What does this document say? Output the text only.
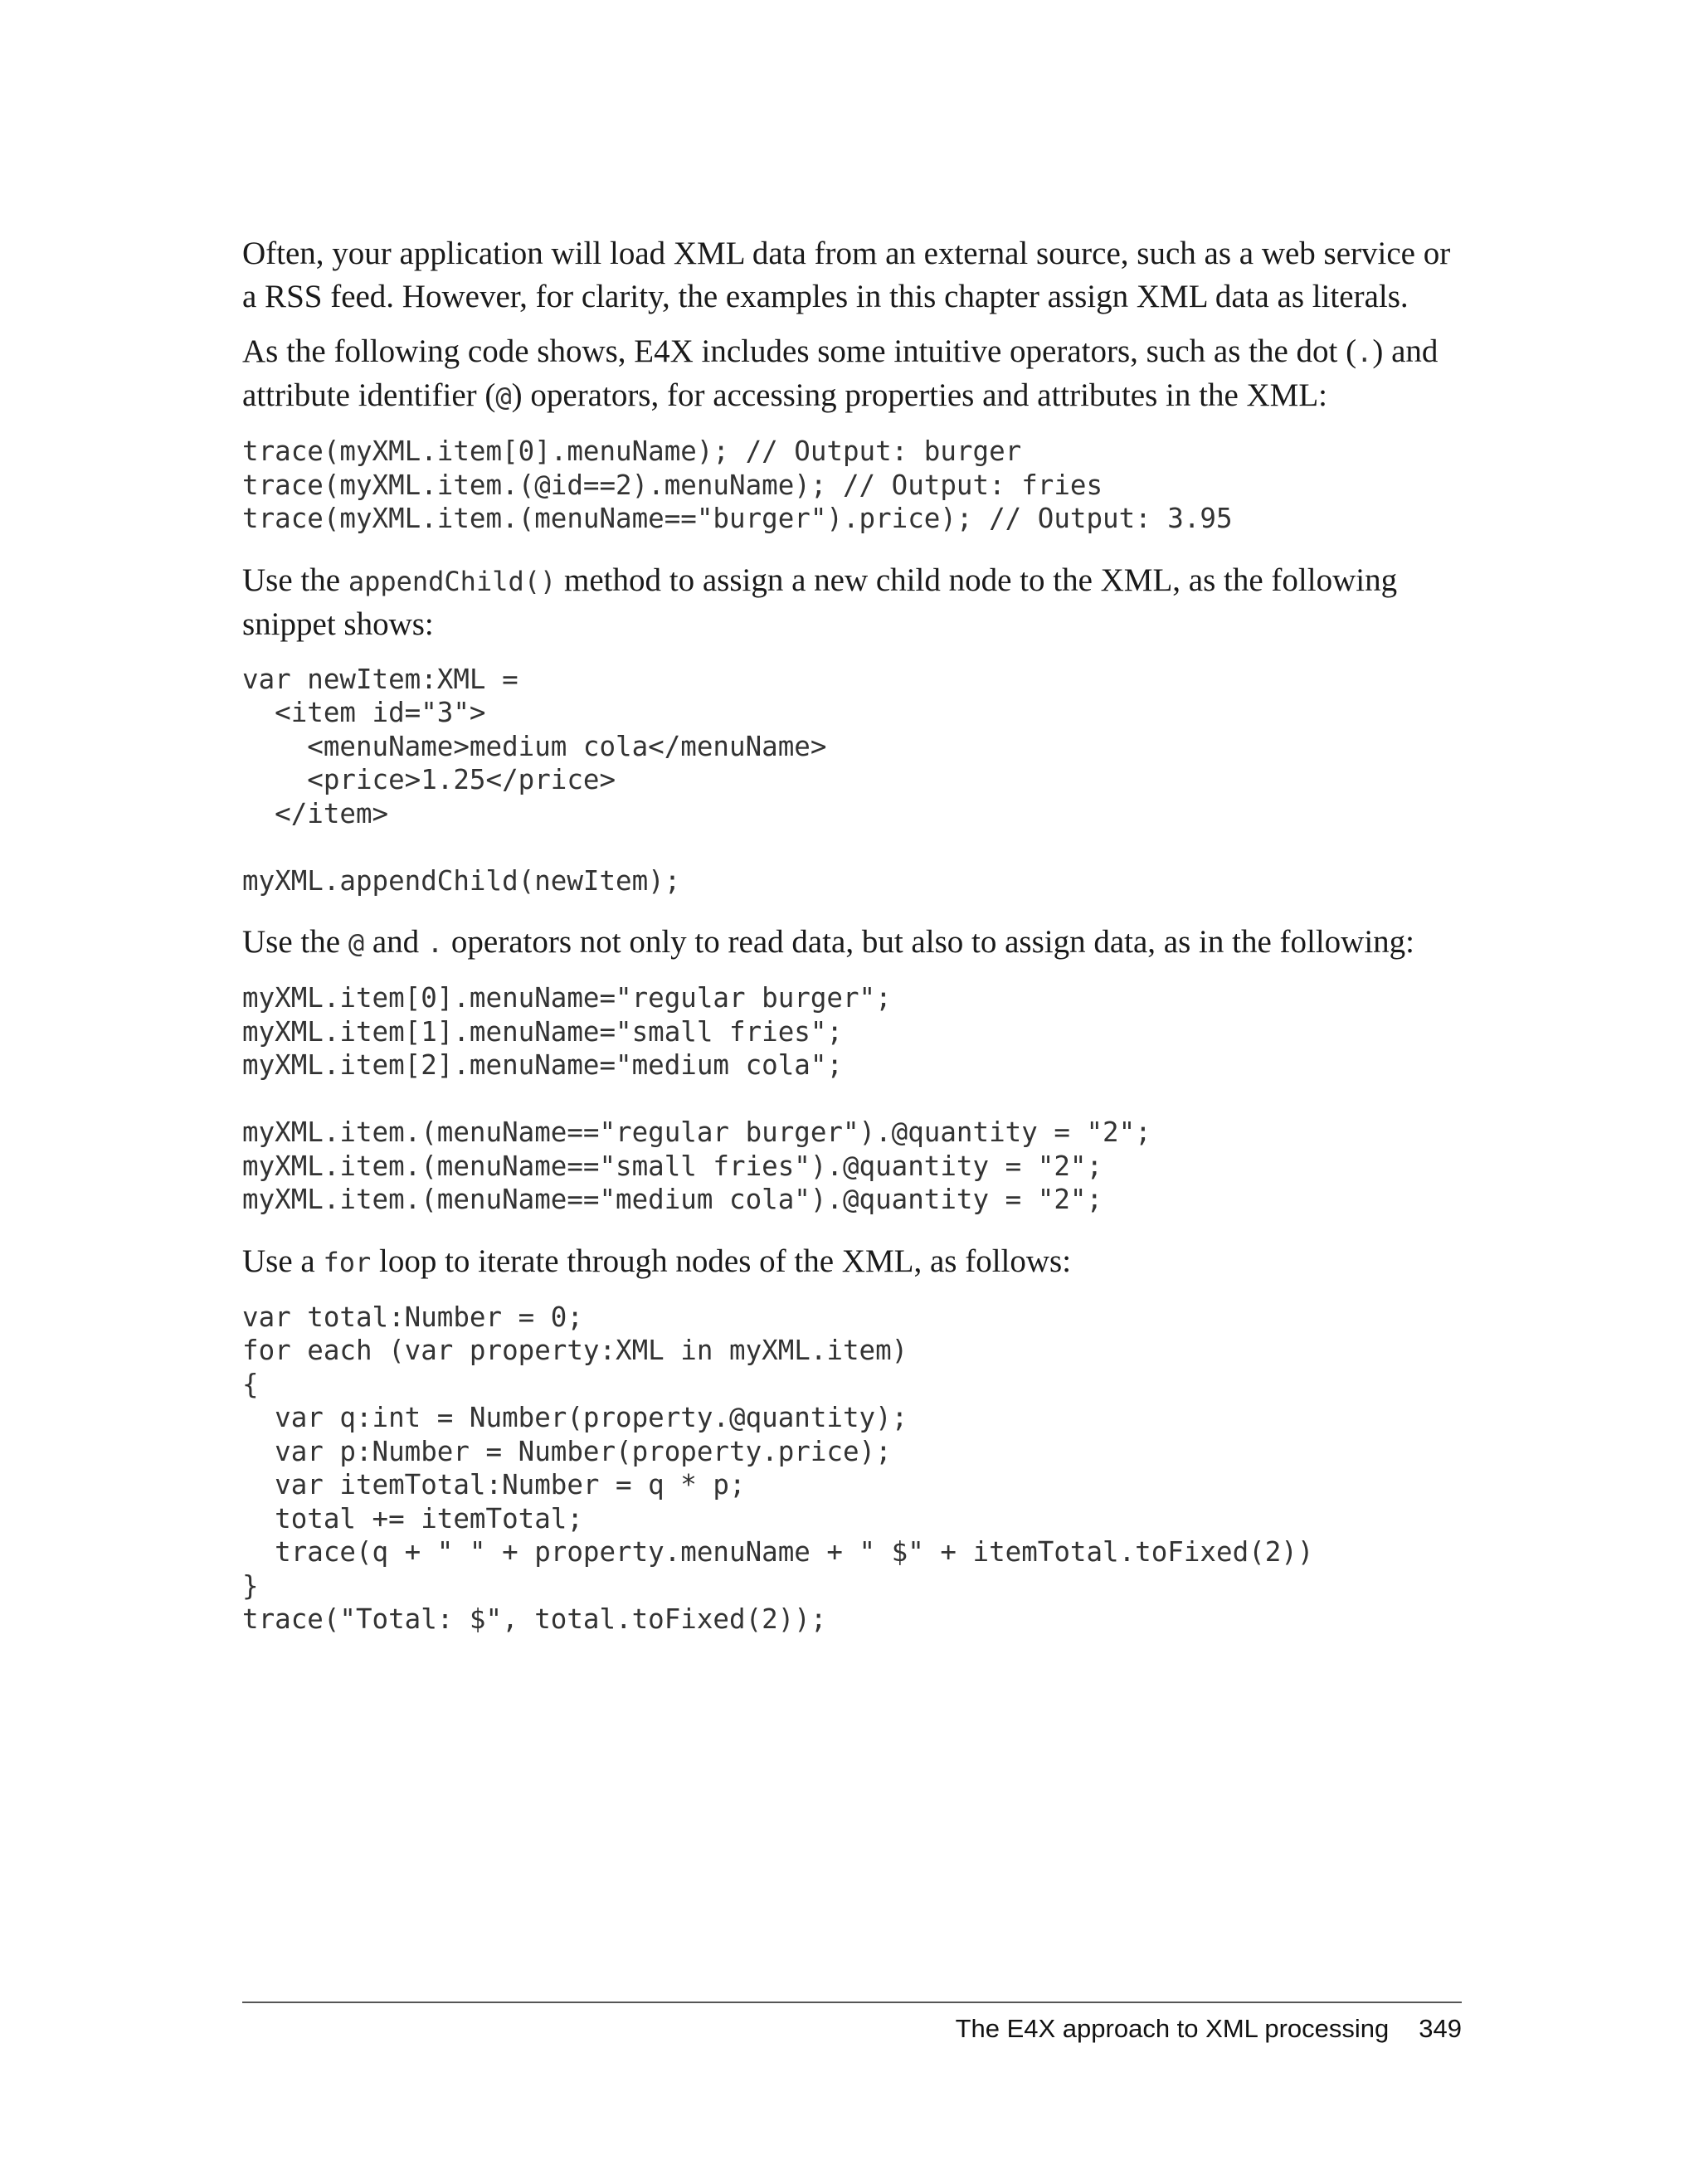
Often, your application will load XML data from an external source, such as a web service or a RSS feed. However, for clarity, the examples in this chapter assign XML data as literals.

As the following code shows, E4X includes some intuitive operators, such as the dot (.) and attribute identifier (@) operators, for accessing properties and attributes in the XML:

trace(myXML.item[0].menuName); // Output: burger
trace(myXML.item.(@id==2).menuName); // Output: fries
trace(myXML.item.(menuName=="burger").price); // Output: 3.95

Use the appendChild() method to assign a new child node to the XML, as the following snippet shows:

var newItem:XML =
<item id="3">
<menuName>medium cola</menuName>
<price>1.25</price>
</item>

myXML.appendChild(newItem);

Use the @ and . operators not only to read data, but also to assign data, as in the following:

myXML.item[0].menuName="regular burger";
myXML.item[1].menuName="small fries";
myXML.item[2].menuName="medium cola";

myXML.item.(menuName=="regular burger").@quantity = "2";
myXML.item.(menuName=="small fries").@quantity = "2";
myXML.item.(menuName=="medium cola").@quantity = "2";

Use a for loop to iterate through nodes of the XML, as follows:

var total:Number = 0;
for each (var property:XML in myXML.item)
{
var q:int = Number(property.@quantity);
var p:Number = Number(property.price);
var itemTotal:Number = q * p;
total += itemTotal;
trace(q + " " + property.menuName + " $" + itemTotal.toFixed(2))
}
trace("Total: $", total.toFixed(2));
The E4X approach to XML processing 349
